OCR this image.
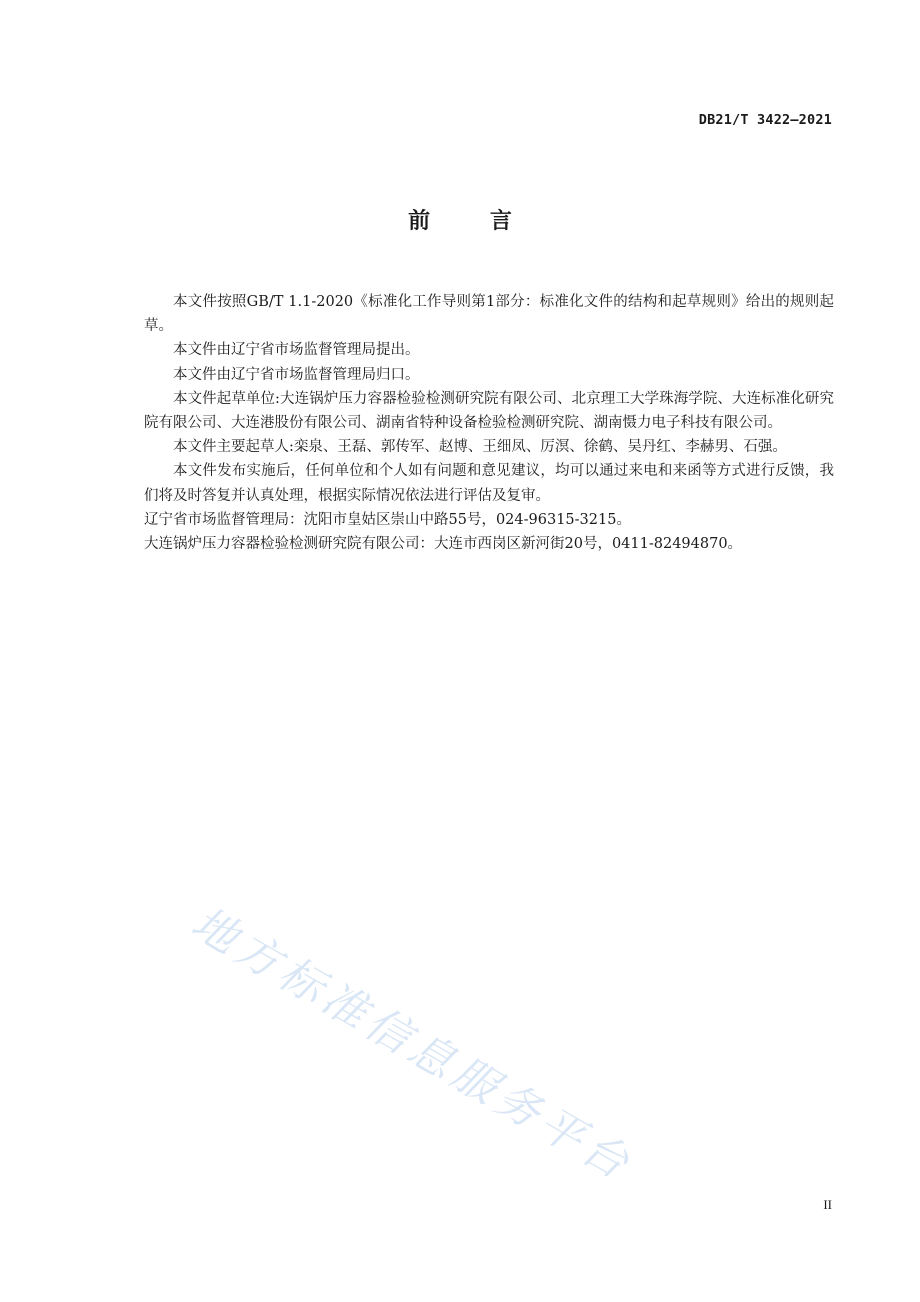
DB21/T 3422—2021
前 言

本文件按照GB/T 1.1-2020《标准化工作导则第1部分：标准化文件的结构和起草规则》给出的规则起草。

本文件由辽宁省市场监督管理局提出。

本文件由辽宁省市场监督管理局归口。

本文件起草单位:大连锅炉压力容器检验检测研究院有限公司、北京理工大学珠海学院、大连标准化研究院有限公司、大连港股份有限公司、湖南省特种设备检验检测研究院、湖南慑力电子科技有限公司。

本文件主要起草人:栾泉、王磊、郭传军、赵博、王细凤、厉溟、徐鹤、吴丹红、李赫男、石强。

本文件发布实施后，任何单位和个人如有问题和意见建议，均可以通过来电和来函等方式进行反馈，我们将及时答复并认真处理，根据实际情况依法进行评估及复审。

辽宁省市场监督管理局：沈阳市皇姑区崇山中路55号，024-96315-3215。

大连锅炉压力容器检验检测研究院有限公司：大连市西岗区新河街20号，0411-82494870。

地方标准信息服务平台
II
